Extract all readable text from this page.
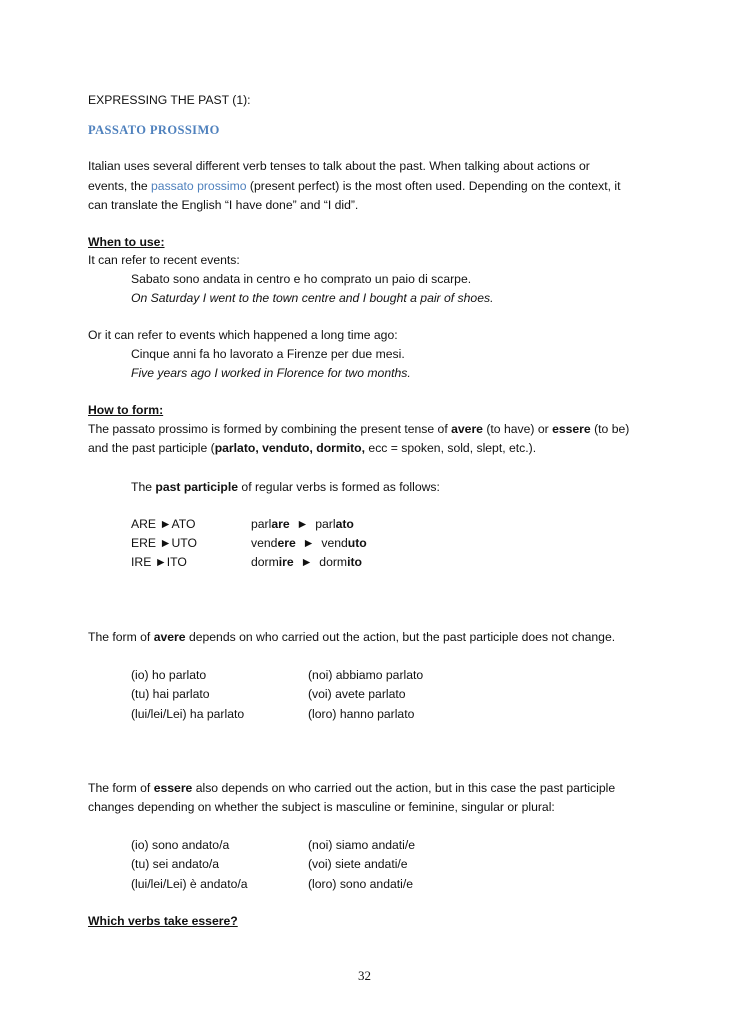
EXPRESSING THE PAST (1):
PASSATO PROSSIMO
Italian uses several different verb tenses to talk about the past. When talking about actions or
events, the passato prossimo (present perfect) is the most often used. Depending on the context, it
can translate the English “I have done” and “I did”.
When to use:
It can refer to recent events:
Sabato sono andata in centro e ho comprato un paio di scarpe.
On Saturday I went to the town centre and I bought a pair of shoes.
Or it can refer to events which happened a long time ago:
Cinque anni fa ho lavorato a Firenze per due mesi.
Five years ago I worked in Florence for two months.
How to form:
The passato prossimo is formed by combining the present tense of avere (to have) or essere (to be)
and the past participle (parlato, venduto, dormito, ecc = spoken, sold, slept, etc.).
The past participle of regular verbs is formed as follows:
ARE ►ATO	parlare  ►  parlato
ERE ►UTO	vendere  ►  venduto
IRE ►ITO	dormire  ►  dormito
The form of avere depends on who carried out the action, but the past participle does not change.
(io) ho parlato	(noi) abbiamo parlato
(tu) hai parlato	(voi) avete parlato
(lui/lei/Lei) ha parlato	(loro) hanno parlato
The form of essere also depends on who carried out the action, but in this case the past participle
changes depending on whether the subject is masculine or feminine, singular or plural:
(io) sono andato/a	(noi) siamo andati/e
(tu) sei andato/a	(voi) siete andati/e
(lui/lei/Lei) è andato/a	(loro) sono andati/e
Which verbs take essere?
32
